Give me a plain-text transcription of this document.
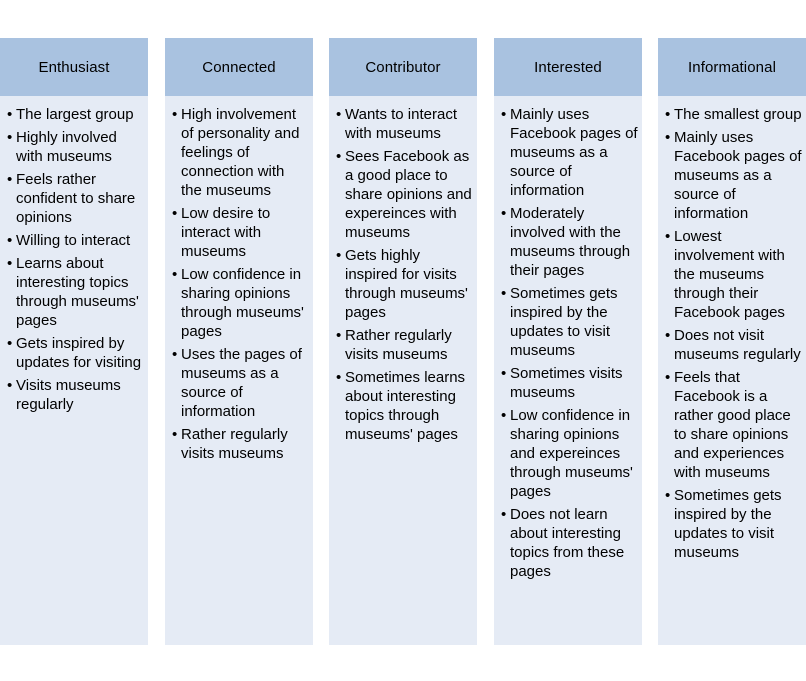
Enthusiast
• The largest group
• Highly involved with museums
• Feels rather confident to share opinions
• Willing to interact
• Learns about interesting topics through museums' pages
• Gets inspired by updates for visiting
• Visits museums regularly
Connected
• High involvement of personality and feelings of connection with the museums
• Low desire to interact with museums
• Low confidence in sharing opinions through museums' pages
• Uses the pages of museums as a source of information
• Rather regularly visits museums
Contributor
• Wants to interact with museums
• Sees Facebook as a good place to share opinions and expereinces with museums
• Gets highly inspired for visits through museums' pages
• Rather regularly visits museums
• Sometimes learns about interesting topics through museums' pages
Interested
• Mainly uses Facebook pages of museums as a source of information
• Moderately involved with the museums through their pages
• Sometimes gets inspired by the updates to visit museums
• Sometimes visits museums
• Low confidence in sharing opinions and expereinces through museums' pages
• Does not learn about interesting topics from these pages
Informational
• The smallest group
• Mainly uses Facebook pages of museums as a source of information
• Lowest involvement with the museums through their Facebook pages
• Does not visit museums regularly
• Feels that Facebook is a rather good place to share opinions and experiences with museums
• Sometimes gets inspired by the updates to visit museums
